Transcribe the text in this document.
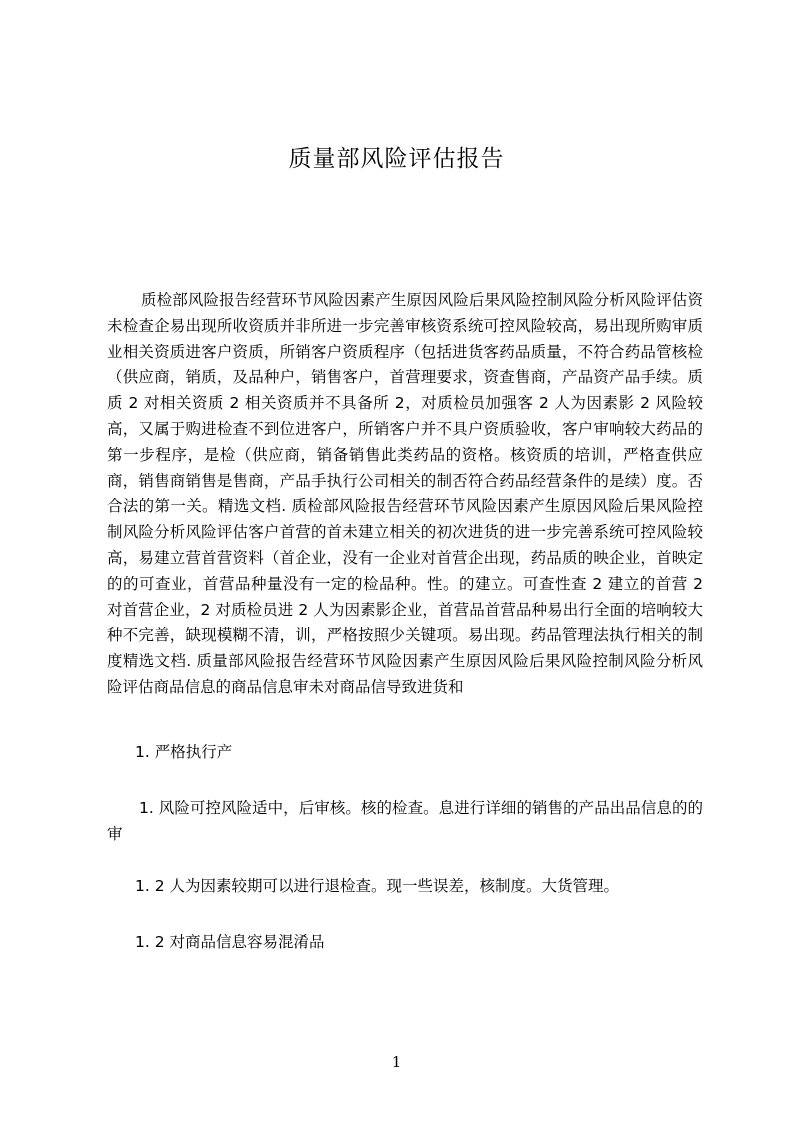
质量部风险评估报告

质检部风险报告经营环节风险因素产生原因风险后果风险控制风险分析风险评估资未检查企易出现所收资质并非所进一步完善审核资系统可控风险较高，易出现所购审质业相关资质进客户资质，所销客户资质程序（包括进货客药品质量，不符合药品管核检（供应商，销质，及品种户，销售客户，首营理要求，资查售商，产品资产品手续。质质 2 对相关资质 2 相关资质并不具备所 2，对质检员加强客 2 人为因素影 2 风险较高，又属于购进检查不到位进客户，所销客户并不具户资质验收，客户审响较大药品的第一步程序，是检（供应商，销备销售此类药品的资格。核资质的培训，严格查供应商，销售商销售是售商，产品手执行公司相关的制否符合药品经营条件的是续）度。否合法的第一关。精选文档. 质检部风险报告经营环节风险因素产生原因风险后果风险控制风险分析风险评估客户首营的首未建立相关的初次进货的进一步完善系统可控风险较高，易建立营首营资料（首企业，没有一企业对首营企出现，药品质的映企业，首映定的的可查业，首营品种量没有一定的检品种。性。的建立。可查性查 2 建立的首营 2 对首营企业，2 对质检员进 2 人为因素影企业，首营品首营品种易出行全面的培响较大种不完善，缺现模糊不清，训，严格按照少关键项。易出现。药品管理法执行相关的制度精选文档. 质量部风险报告经营环节风险因素产生原因风险后果风险控制风险分析风险评估商品信息的商品信息审未对商品信导致进货和

1. 严格执行产

1. 风险可控风险适中，后审核。核的检查。息进行详细的销售的产品出品信息的的审

1. 2 人为因素较期可以进行退检查。现一些误差，核制度。大货管理。

1. 2 对商品信息容易混淆品

1
